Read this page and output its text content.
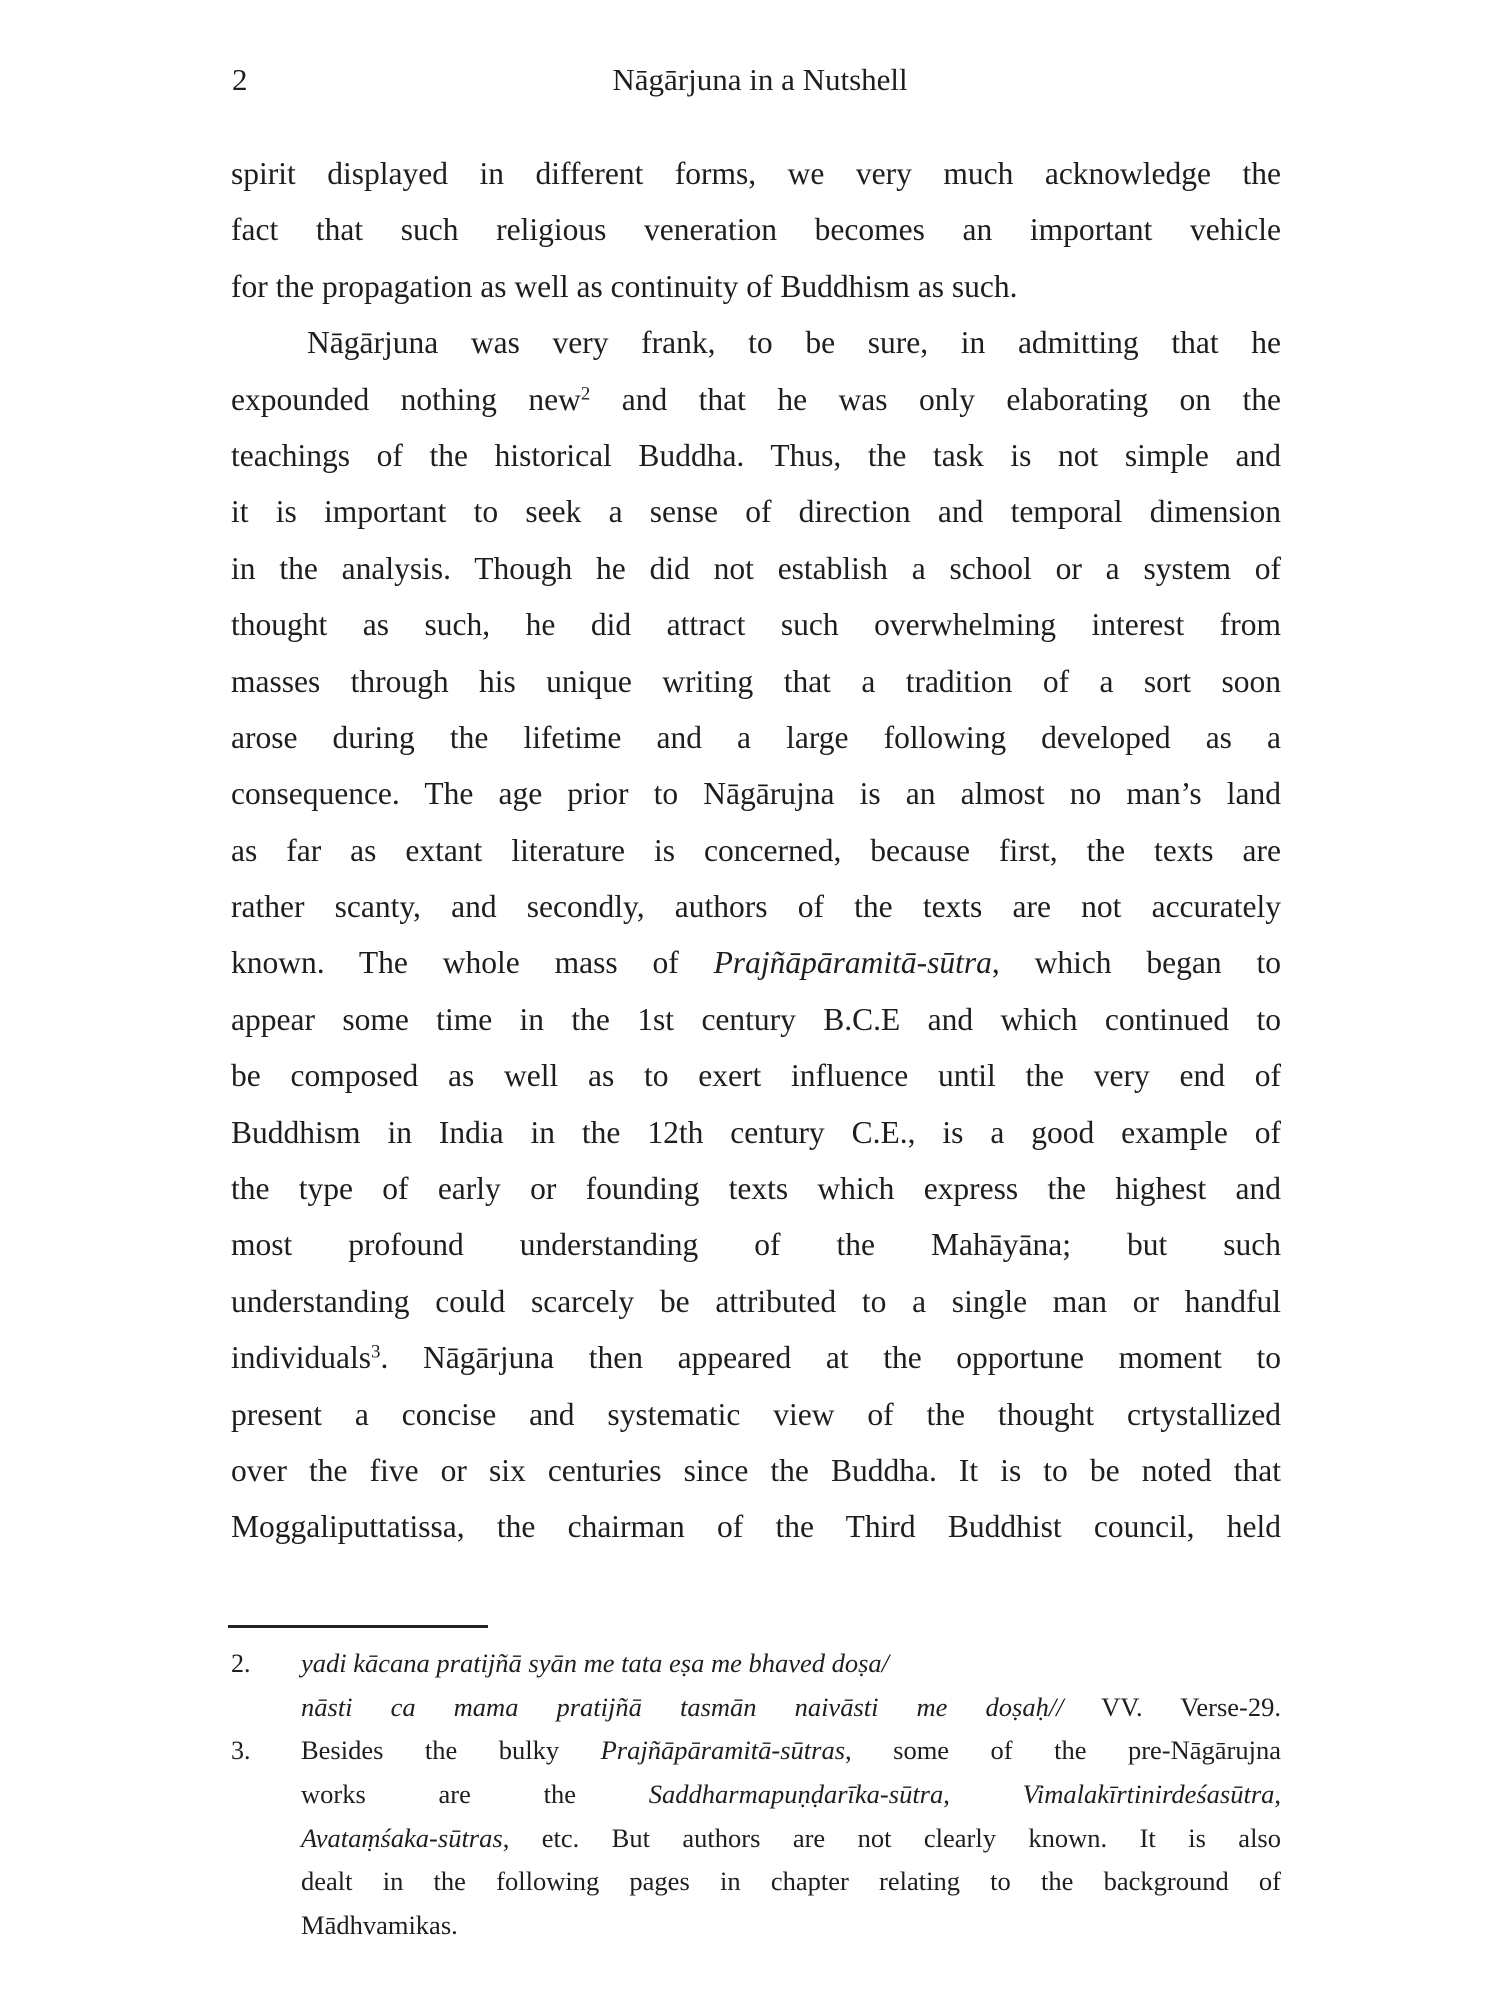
2	Nāgārjuna in a Nutshell
spirit displayed in different forms, we very much acknowledge the
fact that such religious veneration becomes an important vehicle
for the propagation as well as continuity of Buddhism as such.
Nāgārjuna was very frank, to be sure, in admitting that he
expounded nothing new$^2$ and that he was only elaborating on the
teachings of the historical Buddha. Thus, the task is not simple and
it is important to seek a sense of direction and temporal dimension
in the analysis. Though he did not establish a school or a system of
thought as such, he did attract such overwhelming interest from
masses through his unique writing that a tradition of a sort soon
arose during the lifetime and a large following developed as a
consequence. The age prior to Nāgārujna is an almost no man’s land
as far as extant literature is concerned, because first, the texts are
rather scanty, and secondly, authors of the texts are not accurately
known. The whole mass of Prajñāpāramitā-sūtra, which began to
appear some time in the 1st century B.C.E and which continued to
be composed as well as to exert influence until the very end of
Buddhism in India in the 12th century C.E., is a good example of
the type of early or founding texts which express the highest and
most profound understanding of the Mahāyāna; but such
understanding could scarcely be attributed to a single man or handful
individuals$^3$. Nāgārjuna then appeared at the opportune moment to
present a concise and systematic view of the thought crtystallized
over the five or six centuries since the Buddha. It is to be noted that
Moggaliputtatissa, the chairman of the Third Buddhist council, held
2. yadi kācana pratijñā syān me tata eṣa me bhaved doṣa/
nāsti ca mama pratijñā tasmān naivāsti me doṣaḥ// VV. Verse-29.
3. Besides the bulky Prajñāpāramitā-sūtras, some of the pre-Nāgārujna
works are the Saddharmapuṇḍarīka-sūtra, Vimalakīrtinirdeśasūtra,
Avataṃśaka-sūtras, etc. But authors are not clearly known. It is also
dealt in the following pages in chapter relating to the background of
Mādhvamikas.
